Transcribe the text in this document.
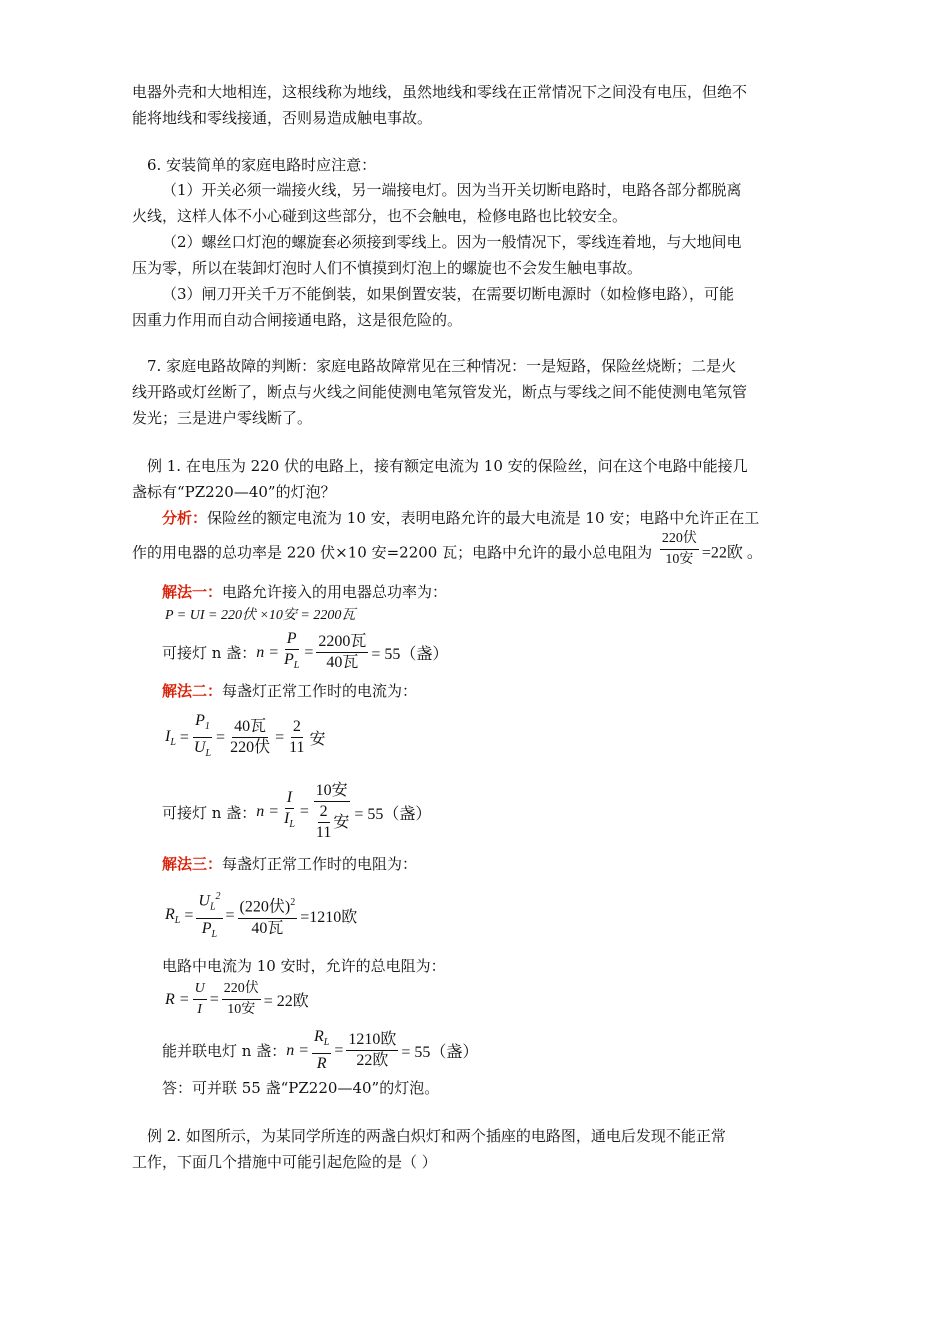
电器外壳和大地相连，这根线称为地线，虽然地线和零线在正常情况下之间没有电压，但绝不
能将地线和零线接通，否则易造成触电事故。
6. 安装简单的家庭电路时应注意：
（1）开关必须一端接火线，另一端接电灯。因为当开关切断电路时，电路各部分都脱离
火线，这样人体不小心碰到这些部分，也不会触电，检修电路也比较安全。
（2）螺丝口灯泡的螺旋套必须接到零线上。因为一般情况下，零线连着地，与大地间电
压为零，所以在装卸灯泡时人们不慎摸到灯泡上的螺旋也不会发生触电事故。
（3）闸刀开关千万不能倒装，如果倒置安装，在需要切断电源时（如检修电路），可能
因重力作用而自动合闸接通电路，这是很危险的。
7. 家庭电路故障的判断：家庭电路故障常见在三种情况：一是短路，保险丝烧断；二是火
线开路或灯丝断了，断点与火线之间能使测电笔氖管发光，断点与零线之间不能使测电笔氖管
发光；三是进户零线断了。
例 1. 在电压为 220 伏的电路上，接有额定电流为 10 安的保险丝，问在这个电路中能接几
盏标有“PZ220—40”的灯泡？
分析：保险丝的额定电流为 10 安，表明电路允许的最大电流是 10 安；电路中允许正在工
作的用电器的总功率是 220 伏×10 安=2200 瓦；电路中允许的最小总电阻为 $\frac{\text{220伏}}{\text{10安}} =22$欧 。
解法一：电路允许接入的用电器总功率为：
P = UI = 220伏 ×10安 = 2200瓦
可接灯 n 盏： $n = \frac{P}{P_L} = \frac{\text{2200瓦}}{\text{40瓦}} = 55$（盏）
解法二：每盏灯正常工作时的电流为：
$I_L = \frac{P_1}{U_L} = \frac{\text{40瓦}}{\text{220伏}} = \frac{2}{11}$ 安
可接灯 n 盏： $n = \frac{I}{I_L} = \frac{\text{10安}}{\frac{2}{11} 安} = 55$（盏）
解法三：每盏灯正常工作时的电阻为：
$R_L = \frac{U_L^2}{P_L} = \frac{(220伏)^2}{\text{40瓦}} =1210$欧
电路中电流为 10 安时，允许的总电阻为：
$R = \frac{U}{I} = \frac{\text{220伏}}{\text{10安}} = 22$欧
能并联电灯 n 盏： $n = \frac{R_L}{R} = \frac{\text{1210欧}}{\text{22欧}} = 55$（盏）
答：可并联 55 盏“PZ220—40”的灯泡。
例 2. 如图所示，为某同学所连的两盏白炽灯和两个插座的电路图，通电后发现不能正常
工作，下面几个措施中可能引起危险的是（ ）
